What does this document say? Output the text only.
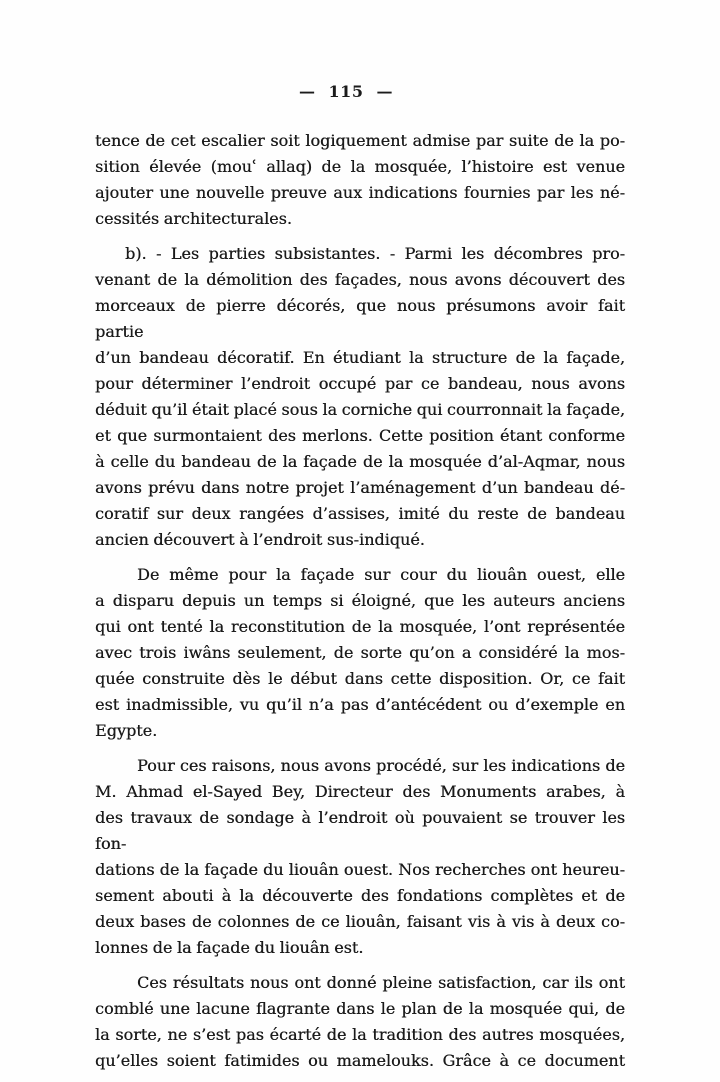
— 115 —
tence de cet escalier soit logiquement admise par suite de la po-
sition élevée (mouʿ allaq) de la mosquée, l’histoire est venue
ajouter une nouvelle preuve aux indications fournies par les né-
cessités architecturales.
b). - Les parties subsistantes. - Parmi les décombres pro-
venant de la démolition des façades, nous avons découvert des
morceaux de pierre décorés, que nous présumons avoir fait partie
d’un bandeau décoratif. En étudiant la structure de la façade,
pour déterminer l’endroit occupé par ce bandeau, nous avons
déduit qu’il était placé sous la corniche qui courronnait la façade,
et que surmontaient des merlons. Cette position étant conforme
à celle du bandeau de la façade de la mosquée d’al-Aqmar, nous
avons prévu dans notre projet l’aménagement d’un bandeau dé-
coratif sur deux rangées d’assises, imité du reste de bandeau
ancien découvert à l’endroit sus-indiqué.
De même pour la façade sur cour du liouân ouest, elle
a disparu depuis un temps si éloigné, que les auteurs anciens
qui ont tenté la reconstitution de la mosquée, l’ont représentée
avec trois iwâns seulement, de sorte qu’on a considéré la mos-
quée construite dès le début dans cette disposition. Or, ce fait
est inadmissible, vu qu’il n’a pas d’antécédent ou d’exemple en
Egypte.
Pour ces raisons, nous avons procédé, sur les indications de
M. Ahmad el-Sayed Bey, Directeur des Monuments arabes, à
des travaux de sondage à l’endroit où pouvaient se trouver les fon-
dations de la façade du liouân ouest. Nos recherches ont heureu-
sement abouti à la découverte des fondations complètes et de
deux bases de colonnes de ce liouân, faisant vis à vis à deux co-
lonnes de la façade du liouân est.
Ces résultats nous ont donné pleine satisfaction, car ils ont
comblé une lacune flagrante dans le plan de la mosquée qui, de
la sorte, ne s’est pas écarté de la tradition des autres mosquées,
qu’elles soient fatimides ou mamelouks. Grâce à ce document
